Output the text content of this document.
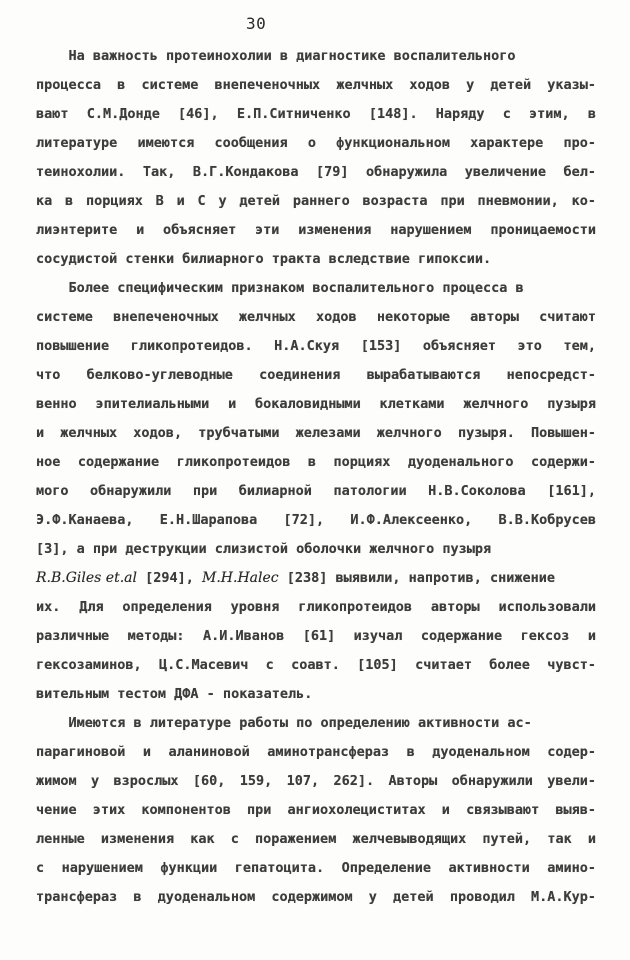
30
На важность протеинохолии в диагностике воспалительного
процесса в системе внепеченочных желчных ходов у детей указы-
вают С.М.Донде [46], Е.П.Ситниченко [148]. Наряду с этим, в
литературе имеются сообщения о функциональном характере про-
теинохолии. Так, В.Г.Кондакова [79] обнаружила увеличение бел-
ка в порциях В и С у детей раннего возраста при пневмонии, ко-
лиэнтерите и объясняет эти изменения нарушением проницаемости
сосудистой стенки билиарного тракта вследствие гипоксии.
Более специфическим признаком воспалительного процесса в
системе внепеченочных желчных ходов некоторые авторы считают
повышение гликопротеидов. Н.А.Скуя [153] объясняет это тем,
что белково-углеводные соединения вырабатываются непосредст-
венно эпителиальными и бокаловидными клетками желчного пузыря
и желчных ходов, трубчатыми железами желчного пузыря. Повышен-
ное содержание гликопротеидов в порциях дуоденального содержи-
мого обнаружили при билиарной патологии Н.В.Соколова [161],
Э.Ф.Канаева, Е.Н.Шарапова [72], И.Ф.Алексеенко, В.В.Кобрусев
[3], а при деструкции слизистой оболочки желчного пузыря
R.B.Giles et.al [294], M.H.Halec [238] выявили, напротив, снижение
их. Для определения уровня гликопротеидов авторы использовали
различные методы: А.И.Иванов [61] изучал содержание гексоз и
гексозаминов, Ц.С.Масевич с соавт. [105] считает более чувст-
вительным тестом ДФА - показатель.
Имеются в литературе работы по определению активности ас-
парагиновой и аланиновой аминотрансфераз в дуоденальном содер-
жимом у взрослых [60, 159, 107, 262]. Авторы обнаружили увели-
чение этих компонентов при ангиохолециститах и связывают выяв-
ленные изменения как с поражением желчевыводящих путей, так и
с нарушением функции гепатоцита. Определение активности амино-
трансфераз в дуоденальном содержимом у детей проводил М.А.Кур-
